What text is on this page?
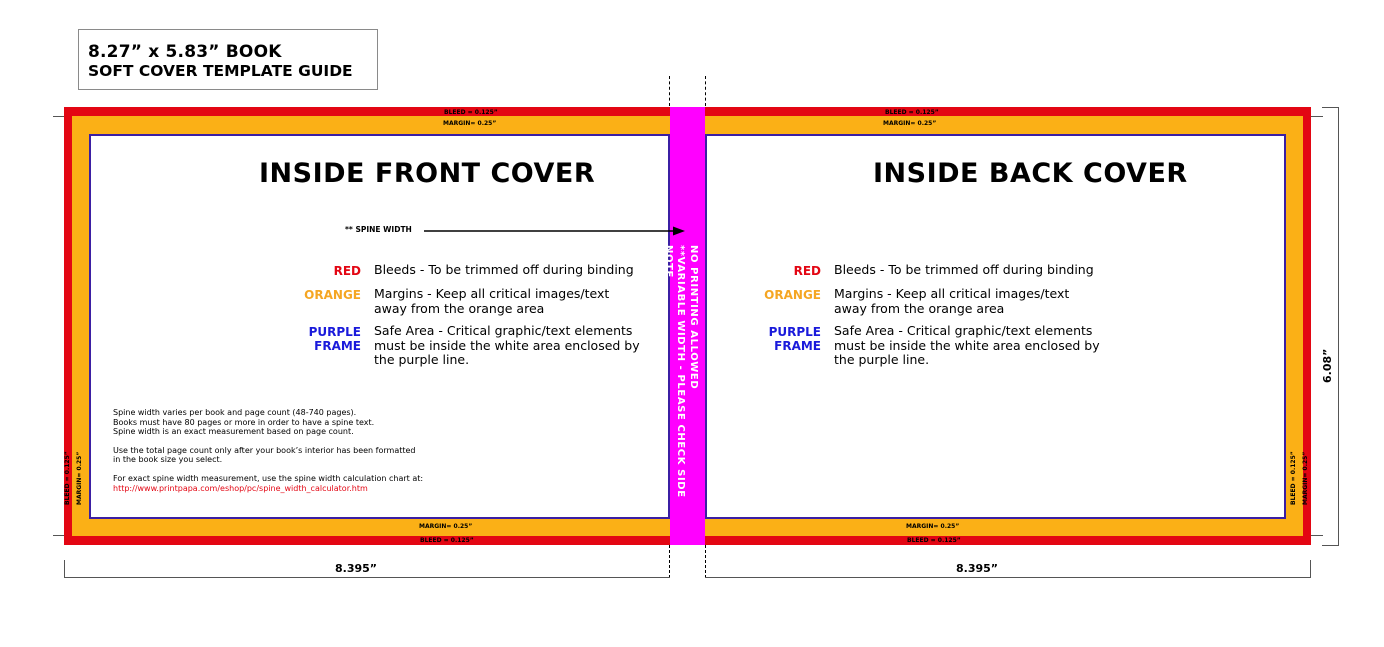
8.27” x 5.83” BOOK
SOFT COVER TEMPLATE GUIDE
NO PRINTING ALLOWED
**VARIABLE WIDTH - PLEASE CHECK SIDE NOTE
BLEED = 0.125”
MARGIN= 0.25”
MARGIN= 0.25”
BLEED = 0.125”
BLEED = 0.125” MARGIN= 0.25”
BLEED = 0.125”
MARGIN= 0.25”
MARGIN= 0.25”
BLEED = 0.125”
BLEED = 0.125” MARGIN= 0.25”
INSIDE FRONT COVER	INSIDE BACK COVER
** SPINE WIDTH
RED Bleeds - To be trimmed off during binding
ORANGE Margins - Keep all critical images/text
away from the orange area
PURPLE
FRAME
Safe Area - Critical graphic/text elements
must be inside the white area enclosed by
the purple line.
RED Bleeds - To be trimmed off during binding
ORANGE Margins - Keep all critical images/text
away from the orange area
PURPLE
FRAME
Safe Area - Critical graphic/text elements
must be inside the white area enclosed by
the purple line.
Spine width varies per book and page count (48-740 pages).
Books must have 80 pages or more in order to have a spine text.
Spine width is an exact measurement based on page count.
Use the total page count only after your book’s interior has been formatted
in the book size you select.
For exact spine width measurement, use the spine width calculation chart at:
http://www.printpapa.com/eshop/pc/spine_width_calculator.htm
8.395”	8.395”
6.08”
